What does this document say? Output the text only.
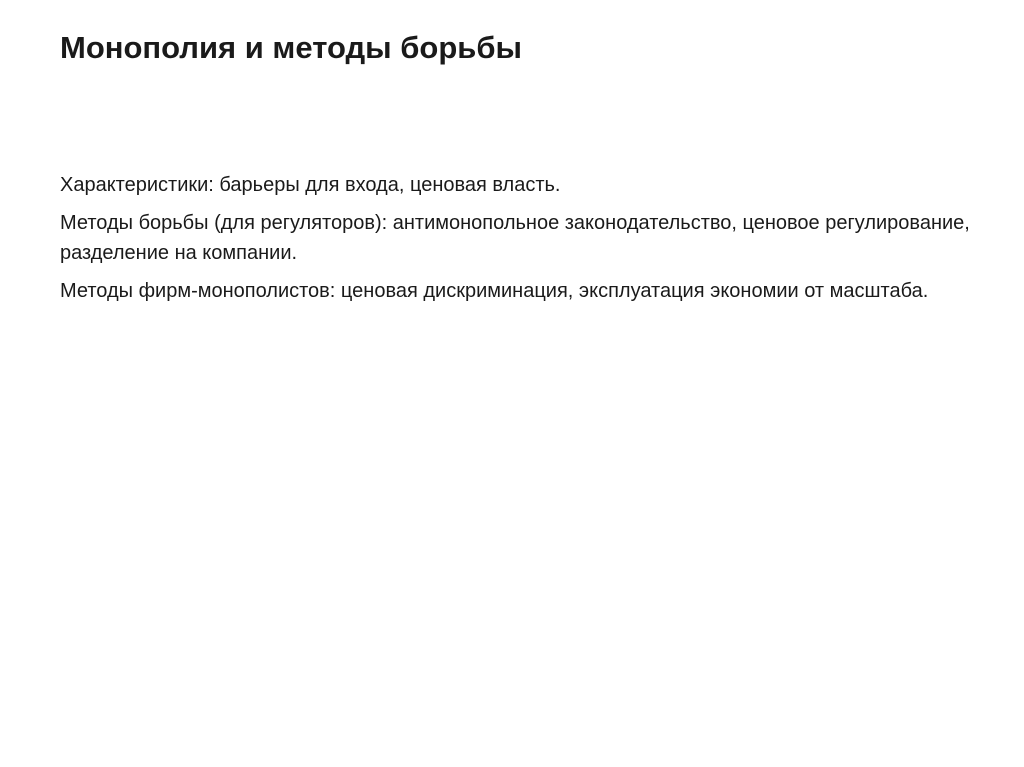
Монополия и методы борьбы
Характеристики: барьеры для входа, ценовая власть.
Методы борьбы (для регуляторов): антимонопольное законодательство, ценовое регулирование, разделение на компании.
Методы фирм-монополистов: ценовая дискриминация, эксплуатация экономии от масштаба.
